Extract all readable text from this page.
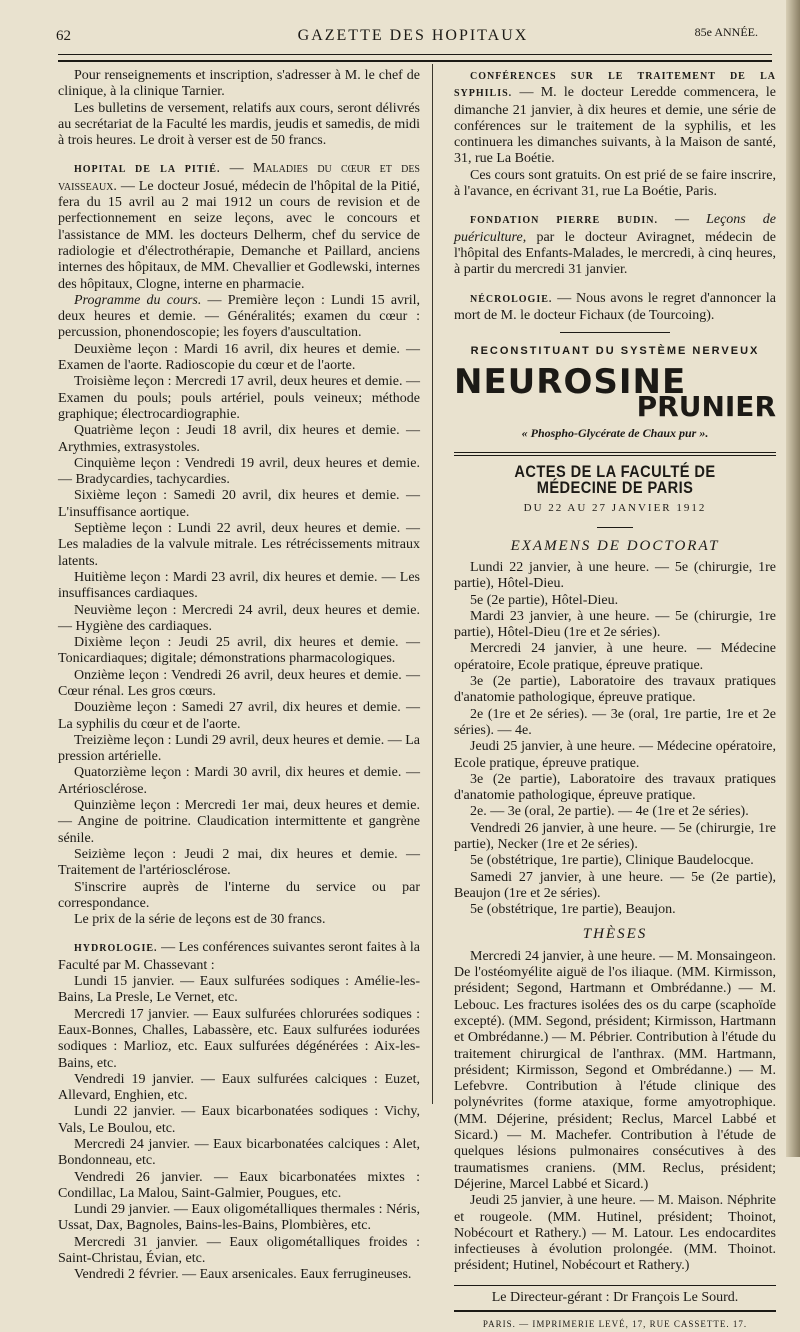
62	GAZETTE DES HOPITAUX	85e ANNÉE.

Pour renseignements et inscription, s'adresser à M. le chef de clinique, à la clinique Tarnier.

Les bulletins de versement, relatifs aux cours, seront délivrés au secrétariat de la Faculté les mardis, jeudis et samedis, de midi à trois heures. Le droit à verser est de 50 francs.

HOPITAL DE LA PITIÉ. — Maladies du cœur et des vaisseaux. — Le docteur Josué, médecin de l'hôpital de la Pitié, fera du 15 avril au 2 mai 1912 un cours de revision et de perfectionnement en seize leçons, avec le concours et l'assistance de MM. les docteurs Delherm, chef du service de radiologie et d'électrothérapie, Demanche et Paillard, anciens internes des hôpitaux, de MM. Chevallier et Godlewski, internes des hôpitaux, Clogne, interne en pharmacie.

Programme du cours. — Première leçon : Lundi 15 avril, deux heures et demie. — Généralités; examen du cœur : percussion, phonendoscopie; les foyers d'auscultation.

Deuxième leçon : Mardi 16 avril, dix heures et demie. — Examen de l'aorte. Radioscopie du cœur et de l'aorte.

Troisième leçon : Mercredi 17 avril, deux heures et demie. — Examen du pouls; pouls artériel, pouls veineux; méthode graphique; électrocardiographie.

Quatrième leçon : Jeudi 18 avril, dix heures et demie. — Arythmies, extrasystoles.

Cinquième leçon : Vendredi 19 avril, deux heures et demie. — Bradycardies, tachycardies.

Sixième leçon : Samedi 20 avril, dix heures et demie. — L'insuffisance aortique.

Septième leçon : Lundi 22 avril, deux heures et demie. — Les maladies de la valvule mitrale. Les rétrécissements mitraux latents.

Huitième leçon : Mardi 23 avril, dix heures et demie. — Les insuffisances cardiaques.

Neuvième leçon : Mercredi 24 avril, deux heures et demie. — Hygiène des cardiaques.

Dixième leçon : Jeudi 25 avril, dix heures et demie. — Tonicardiaques; digitale; démonstrations pharmacologiques.

Onzième leçon : Vendredi 26 avril, deux heures et demie. — Cœur rénal. Les gros cœurs.

Douzième leçon : Samedi 27 avril, dix heures et demie. — La syphilis du cœur et de l'aorte.

Treizième leçon : Lundi 29 avril, deux heures et demie. — La pression artérielle.

Quatorzième leçon : Mardi 30 avril, dix heures et demie. — Artériosclérose.

Quinzième leçon : Mercredi 1er mai, deux heures et demie. — Angine de poitrine. Claudication intermittente et gangrène sénile.

Seizième leçon : Jeudi 2 mai, dix heures et demie. — Traitement de l'artériosclérose.

S'inscrire auprès de l'interne du service ou par correspondance.

Le prix de la série de leçons est de 30 francs.

HYDROLOGIE. — Les conférences suivantes seront faites à la Faculté par M. Chassevant :

Lundi 15 janvier. — Eaux sulfurées sodiques : Amélie-les-Bains, La Presle, Le Vernet, etc.

Mercredi 17 janvier. — Eaux sulfurées chlorurées sodiques : Eaux-Bonnes, Challes, Labassère, etc. Eaux sulfurées iodurées sodiques : Marlioz, etc. Eaux sulfurées dégénérées : Aix-les-Bains, etc.

Vendredi 19 janvier. — Eaux sulfurées calciques : Euzet, Allevard, Enghien, etc.

Lundi 22 janvier. — Eaux bicarbonatées sodiques : Vichy, Vals, Le Boulou, etc.

Mercredi 24 janvier. — Eaux bicarbonatées calciques : Alet, Bondonneau, etc.

Vendredi 26 janvier. — Eaux bicarbonatées mixtes : Condillac, La Malou, Saint-Galmier, Pougues, etc.

Lundi 29 janvier. — Eaux oligométalliques thermales : Néris, Ussat, Dax, Bagnoles, Bains-les-Bains, Plombières, etc.

Mercredi 31 janvier. — Eaux oligométalliques froides : Saint-Christau, Évian, etc.

Vendredi 2 février. — Eaux arsenicales. Eaux ferrugineuses.

CONFÉRENCES SUR LE TRAITEMENT DE LA SYPHILIS. — M. le docteur Leredde commencera, le dimanche 21 janvier, à dix heures et demie, une série de conférences sur le traitement de la syphilis, et les continuera les dimanches suivants, à la Maison de santé, 31, rue La Boétie.

Ces cours sont gratuits. On est prié de se faire inscrire, à l'avance, en écrivant 31, rue La Boétie, Paris.

FONDATION PIERRE BUDIN. — Leçons de puériculture, par le docteur Aviragnet, médecin de l'hôpital des Enfants-Malades, le mercredi, à cinq heures, à partir du mercredi 31 janvier.

NÉCROLOGIE. — Nous avons le regret d'annoncer la mort de M. le docteur Fichaux (de Tourcoing).

RECONSTITUANT DU SYSTÈME NERVEUX
NEUROSINE
PRUNIER
« Phospho-Glycérate de Chaux pur ».
ACTES DE LA FACULTÉ DE MÉDECINE DE PARIS
DU 22 AU 27 JANVIER 1912
EXAMENS DE DOCTORAT

Lundi 22 janvier, à une heure. — 5e (chirurgie, 1re partie), Hôtel-Dieu.

5e (2e partie), Hôtel-Dieu.

Mardi 23 janvier, à une heure. — 5e (chirurgie, 1re partie), Hôtel-Dieu (1re et 2e séries).

Mercredi 24 janvier, à une heure. — Médecine opératoire, Ecole pratique, épreuve pratique.

3e (2e partie), Laboratoire des travaux pratiques d'anatomie pathologique, épreuve pratique.

2e (1re et 2e séries). — 3e (oral, 1re partie, 1re et 2e séries). — 4e.

Jeudi 25 janvier, à une heure. — Médecine opératoire, Ecole pratique, épreuve pratique.

3e (2e partie), Laboratoire des travaux pratiques d'anatomie pathologique, épreuve pratique.

2e. — 3e (oral, 2e partie). — 4e (1re et 2e séries).

Vendredi 26 janvier, à une heure. — 5e (chirurgie, 1re partie), Necker (1re et 2e séries).

5e (obstétrique, 1re partie), Clinique Baudelocque.

Samedi 27 janvier, à une heure. — 5e (2e partie), Beaujon (1re et 2e séries).

5e (obstétrique, 1re partie), Beaujon.

THÈSES

Mercredi 24 janvier, à une heure. — M. Monsaingeon. De l'ostéomyélite aiguë de l'os iliaque. (MM. Kirmisson, président; Segond, Hartmann et Ombrédanne.) — M. Lebouc. Les fractures isolées des os du carpe (scaphoïde excepté). (MM. Segond, président; Kirmisson, Hartmann et Ombrédanne.) — M. Pébrier. Contribution à l'étude du traitement chirurgical de l'anthrax. (MM. Hartmann, président; Kirmisson, Segond et Ombrédanne.) — M. Lefebvre. Contribution à l'étude clinique des polynévrites (forme ataxique, forme amyotrophique. (MM. Déjerine, président; Reclus, Marcel Labbé et Sicard.) — M. Machefer. Contribution à l'étude de quelques lésions pulmonaires consécutives à des traumatismes craniens. (MM. Reclus, président; Déjerine, Marcel Labbé et Sicard.)

Jeudi 25 janvier, à une heure. — M. Maison. Néphrite et rougeole. (MM. Hutinel, président; Thoinot, Nobécourt et Rathery.) — M. Latour. Les endocardites infectieuses à évolution prolongée. (MM. Thoinot. président; Hutinel, Nobécourt et Rathery.)

Le Directeur-gérant : Dr François Le Sourd.
PARIS. — IMPRIMERIE LEVÉ, 17, RUE CASSETTE. 17.
